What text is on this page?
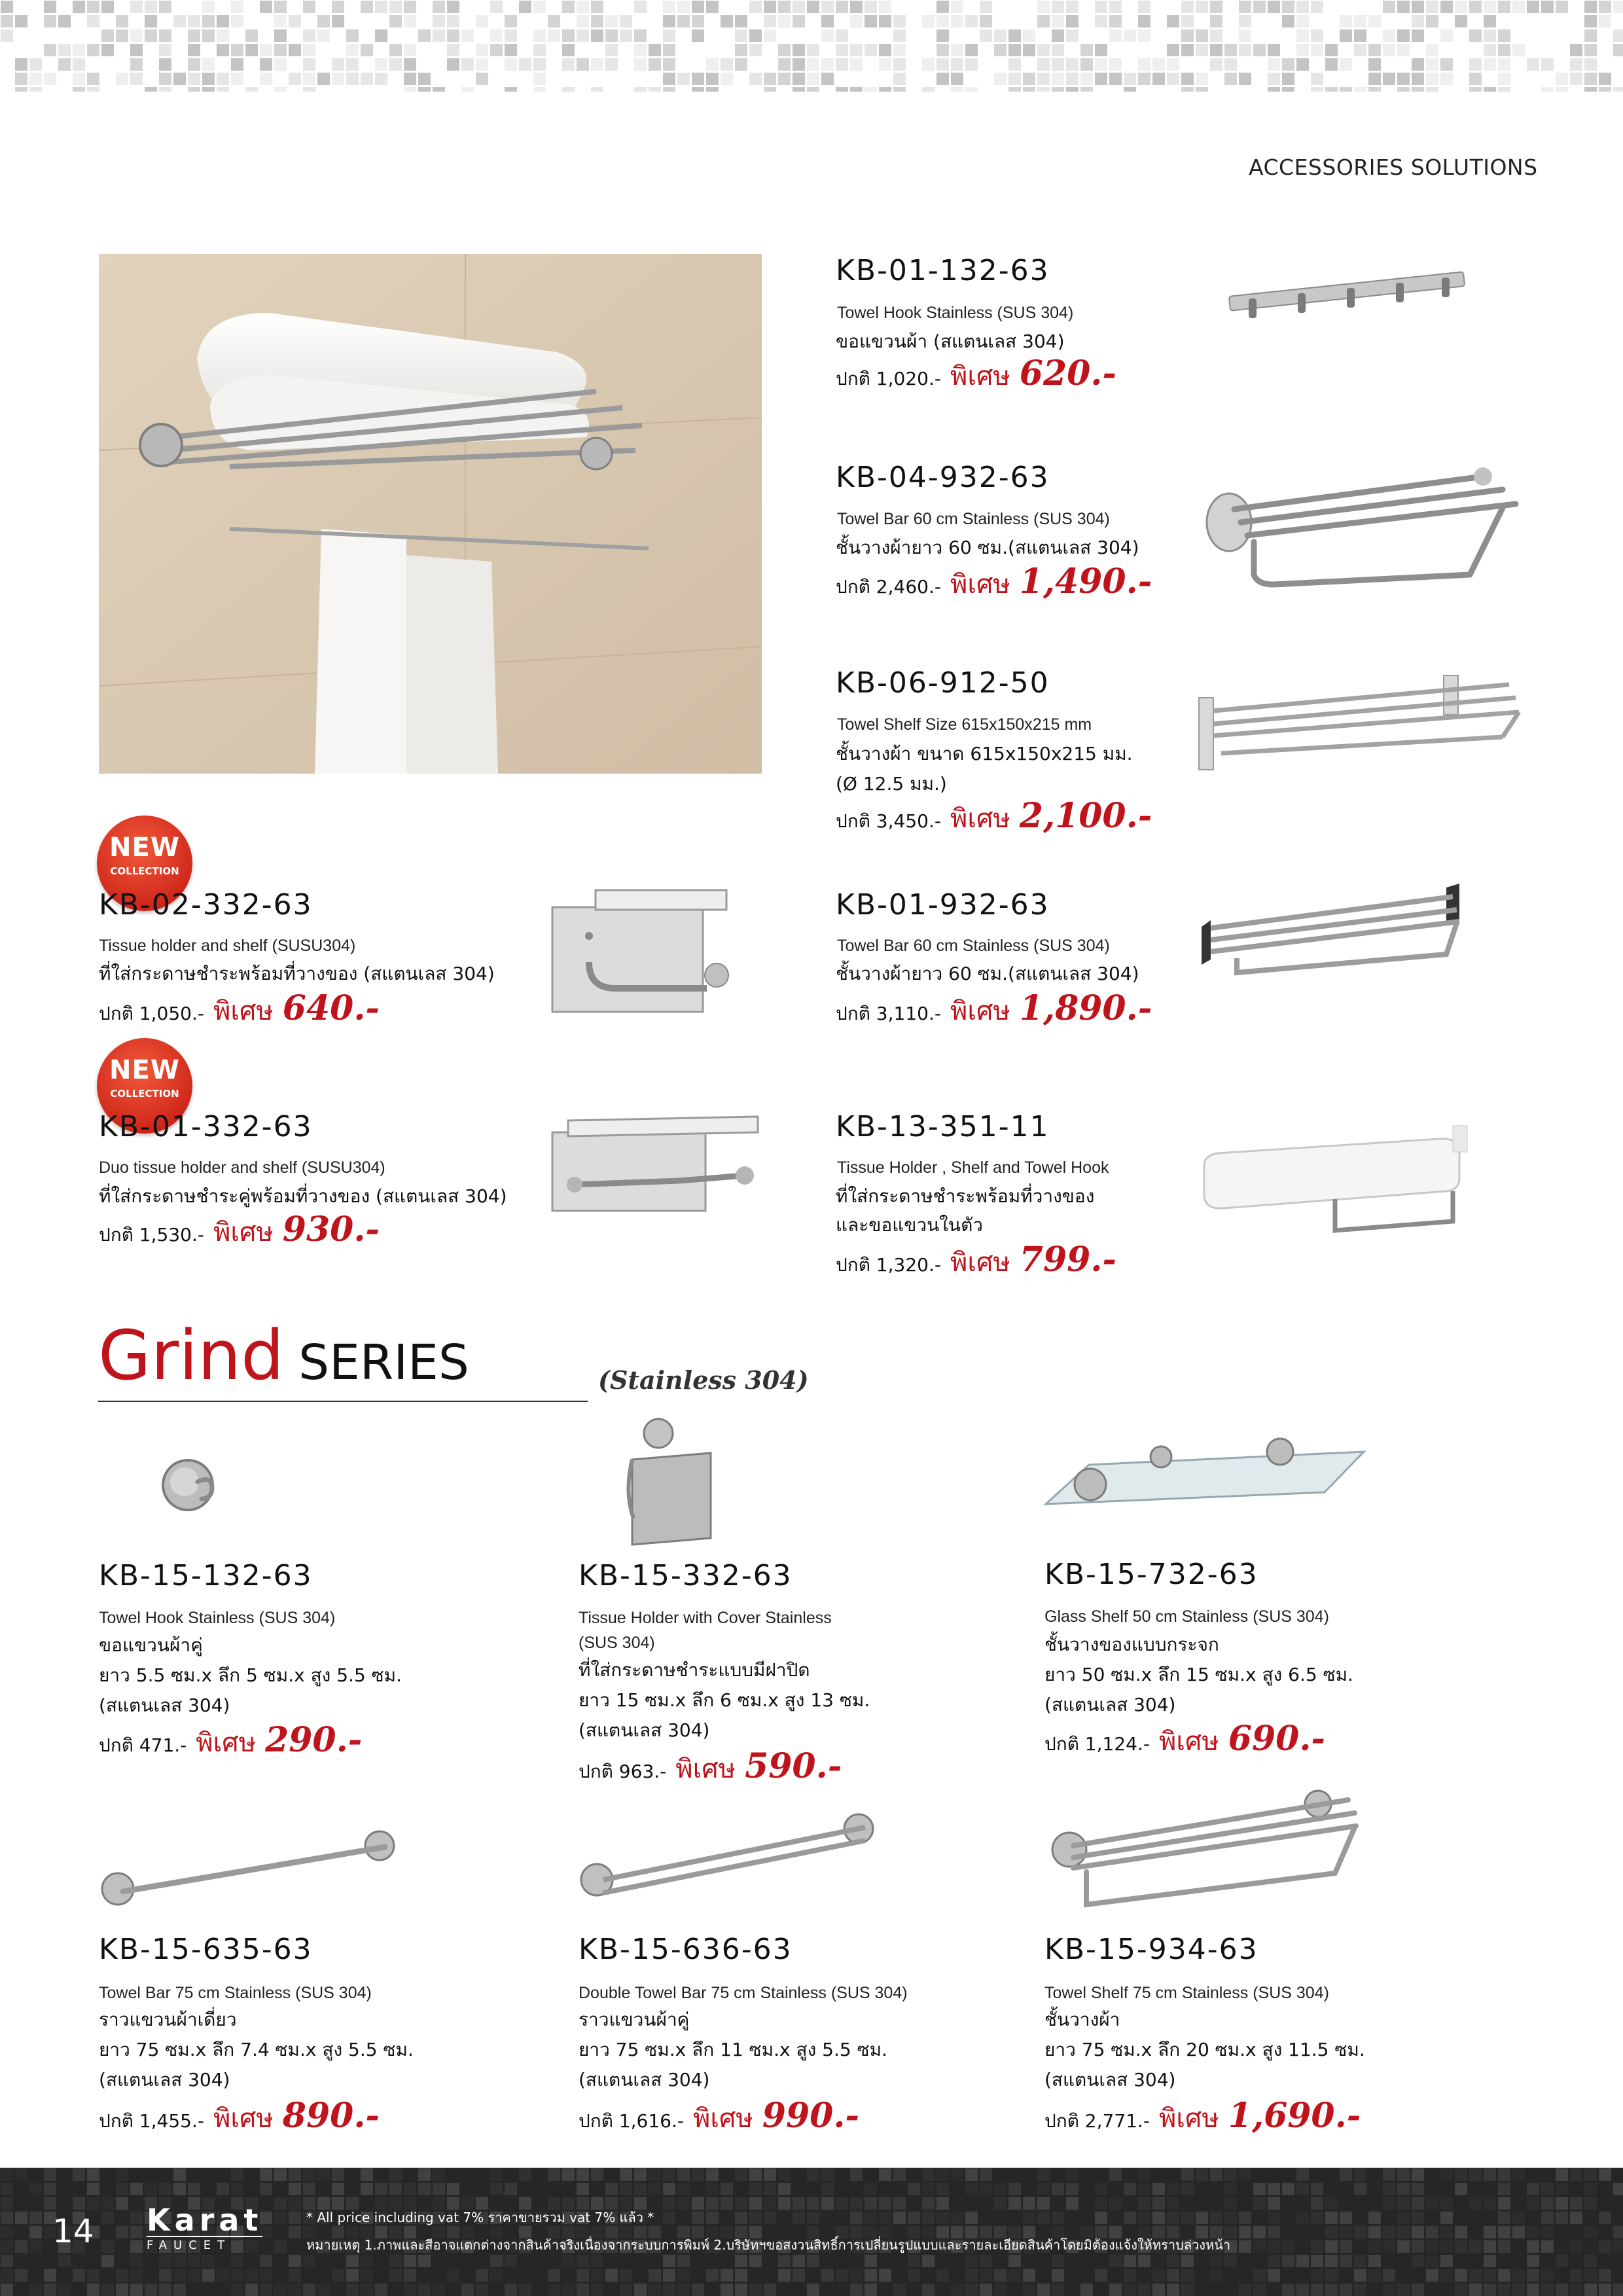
ACCESSORIES SOLUTIONS
KB-01-132-63
Towel Hook Stainless (SUS 304)
ขอแขวนผ้า (สแตนเลส 304)
ปกติ 1,020.- พิเศษ 620.-
KB-04-932-63
Towel Bar 60 cm Stainless (SUS 304)
ชั้นวางผ้ายาว 60 ซม.(สแตนเลส 304)
ปกติ 2,460.- พิเศษ 1,490.-
KB-06-912-50
Towel Shelf Size 615x150x215 mm
ชั้นวางผ้า ขนาด 615x150x215 มม.
(Ø 12.5 มม.)
ปกติ 3,450.- พิเศษ 2,100.-
KB-01-932-63
Towel Bar 60 cm Stainless (SUS 304)
ชั้นวางผ้ายาว 60 ซม.(สแตนเลส 304)
ปกติ 3,110.- พิเศษ 1,890.-
KB-13-351-11
Tissue Holder , Shelf and Towel Hook
ที่ใส่กระดาษชำระพร้อมที่วางของ
และขอแขวนในตัว
ปกติ 1,320.- พิเศษ 799.-
NEW
COLLECTION
KB-02-332-63
Tissue holder and shelf (SUSU304)
ที่ใส่กระดาษชำระพร้อมที่วางของ (สแตนเลส 304)
ปกติ 1,050.- พิเศษ 640.-
NEW
COLLECTION
KB-01-332-63
Duo tissue holder and shelf (SUSU304)
ที่ใส่กระดาษชำระคู่พร้อมที่วางของ (สแตนเลส 304)
ปกติ 1,530.- พิเศษ 930.-
Grind SERIES	(Stainless 304)
KB-15-132-63
Towel Hook Stainless (SUS 304)
ขอแขวนผ้าคู่
ยาว 5.5 ซม.x ลึก 5 ซม.x สูง 5.5 ซม.
(สแตนเลส 304)
ปกติ 471.- พิเศษ 290.-
KB-15-332-63
Tissue Holder with Cover Stainless
(SUS 304)
ที่ใส่กระดาษชำระแบบมีฝาปิด
ยาว 15 ซม.x ลึก 6 ซม.x สูง 13 ซม.
(สแตนเลส 304)
ปกติ 963.- พิเศษ 590.-
KB-15-732-63
Glass Shelf 50 cm Stainless (SUS 304)
ชั้นวางของแบบกระจก
ยาว 50 ซม.x ลึก 15 ซม.x สูง 6.5 ซม.
(สแตนเลส 304)
ปกติ 1,124.- พิเศษ 690.-
KB-15-635-63
Towel Bar 75 cm Stainless (SUS 304)
ราวแขวนผ้าเดี่ยว
ยาว 75 ซม.x ลึก 7.4 ซม.x สูง 5.5 ซม.
(สแตนเลส 304)
ปกติ 1,455.- พิเศษ 890.-
KB-15-636-63
Double Towel Bar 75 cm Stainless (SUS 304)
ราวแขวนผ้าคู่
ยาว 75 ซม.x ลึก 11 ซม.x สูง 5.5 ซม.
(สแตนเลส 304)
ปกติ 1,616.- พิเศษ 990.-
KB-15-934-63
Towel Shelf 75 cm Stainless (SUS 304)
ชั้นวางผ้า
ยาว 75 ซม.x ลึก 20 ซม.x สูง 11.5 ซม.
(สแตนเลส 304)
ปกติ 2,771.- พิเศษ 1,690.-
14 Karat
FAUCET
* All price including vat 7% ราคาขายรวม vat 7% แล้ว *
หมายเหตุ 1.ภาพและสีอาจแตกต่างจากสินค้าจริงเนื่องจากระบบการพิมพ์ 2.บริษัทฯขอสงวนสิทธิ์การเปลี่ยนรูปแบบและรายละเอียดสินค้าโดยมิต้องแจ้งให้ทราบล่วงหน้า
